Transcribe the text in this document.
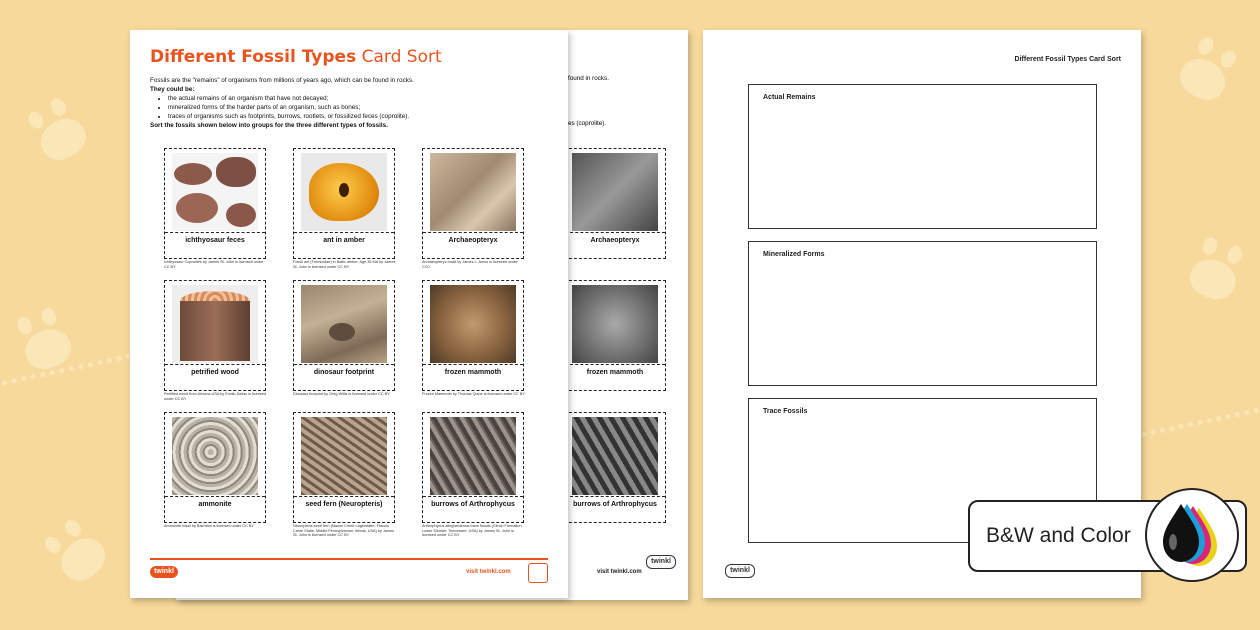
found in rocks.
es (coprolite).
Archaeopteryx
frozen mammoth
burrows of Arthrophycus
twinkl
Different Fossil Types Card Sort

Fossils are the "remains" of organisms from millions of years ago, which can be found in rocks.

They could be:

• the actual remains of an organism that have not decayed;
• mineralized forms of the harder parts of an organism, such as bones;
• traces of organisms such as footprints, burrows, rootlets, or fossilized feces (coprolite).

Sort the fossils shown below into groups for the three different types of fossils.

ichthyosaur feces
Ichthyosaur Coprolites by James St. John is licensed under CC BY
ant in amber
Fossil ant (Formicidae) in Baltic amber. Age 35 MA by James St. John is licensed under CC BY
Archaeopteryx
Archaeopteryx fossil by James L. Amos is licensed under CC0
petrified wood
Petrified wood from Arizona USA by Emilio Delias is licensed under CC BY
dinosaur footprint
Dinosaur footprint by Greg Willis is licensed under CC BY
frozen mammoth
Frozen Mammoth by Thomas Quine is licensed under CC BY
ammonite
Ammonite fossil by Bachelot is licensed under CC BY
seed fern (Neuropteris)
Neuropteris seed fern (Mazon Creek Lagerstätte, Francis Creek Shale, Middle Pennsylvanian; Illinois, USA) by James St. John is licensed under CC BY
burrows of Arthrophycus
Arthrophycus alleghaniensis trace fossils (Clinch Formation, Lower Silurian; Tennessee, USA) by James St. John is licensed under CC BY
twinkl	visit twinkl.com
Different Fossil Types Card Sort
Actual Remains
Mineralized Forms
Trace Fossils
twinkl
visit twinkl.com
B&W and Color
